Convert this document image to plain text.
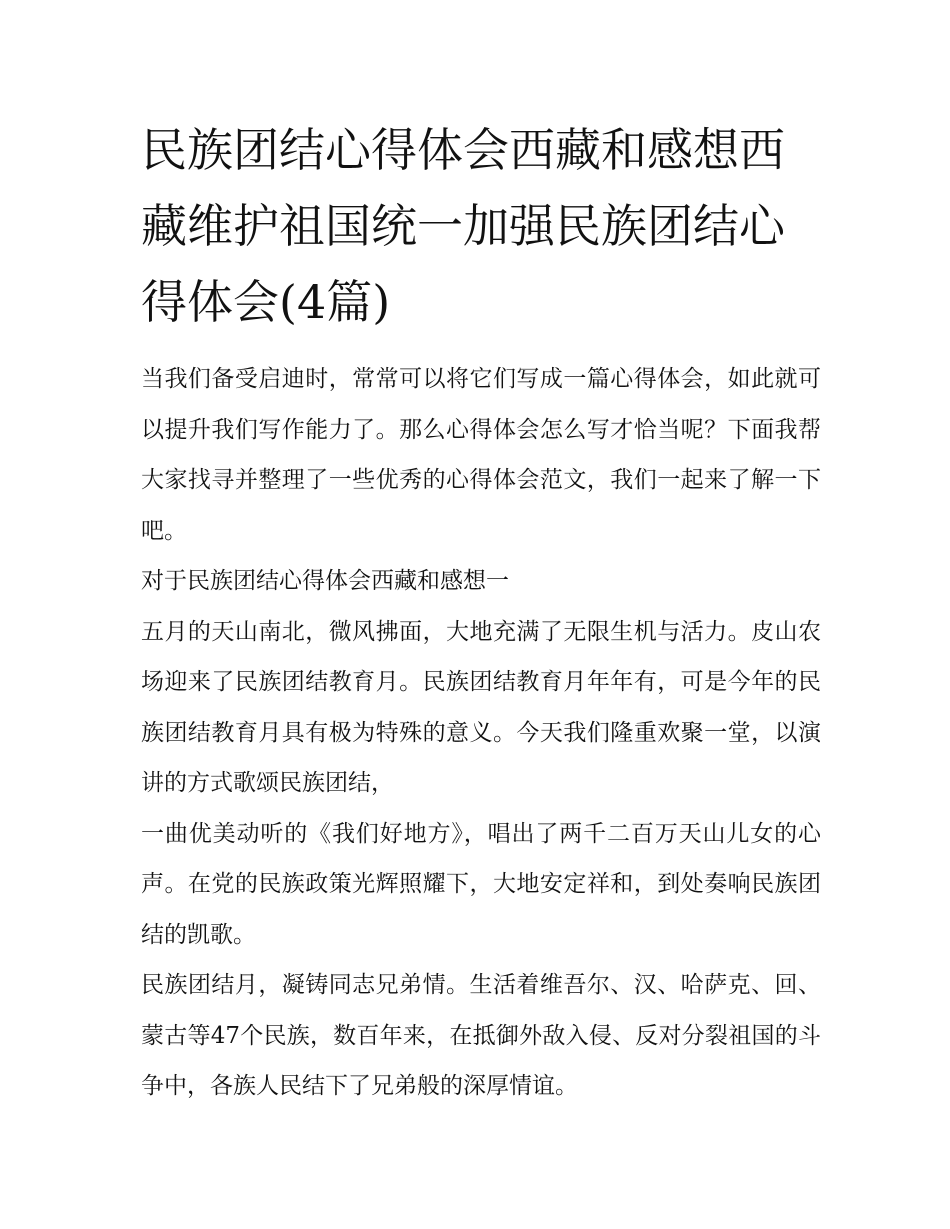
民族团结心得体会西藏和感想西藏维护祖国统一加强民族团结心得体会(4篇)

当我们备受启迪时，常常可以将它们写成一篇心得体会，如此就可以提升我们写作能力了。那么心得体会怎么写才恰当呢？下面我帮大家找寻并整理了一些优秀的心得体会范文，我们一起来了解一下吧。

对于民族团结心得体会西藏和感想一

五月的天山南北，微风拂面，大地充满了无限生机与活力。皮山农场迎来了民族团结教育月。民族团结教育月年年有，可是今年的民族团结教育月具有极为特殊的意义。今天我们隆重欢聚一堂，以演讲的方式歌颂民族团结，

一曲优美动听的《我们好地方》，唱出了两千二百万天山儿女的心声。在党的民族政策光辉照耀下，大地安定祥和，到处奏响民族团结的凯歌。

民族团结月，凝铸同志兄弟情。生活着维吾尔、汉、哈萨克、回、蒙古等47个民族，数百年来，在抵御外敌入侵、反对分裂祖国的斗争中，各族人民结下了兄弟般的深厚情谊。
